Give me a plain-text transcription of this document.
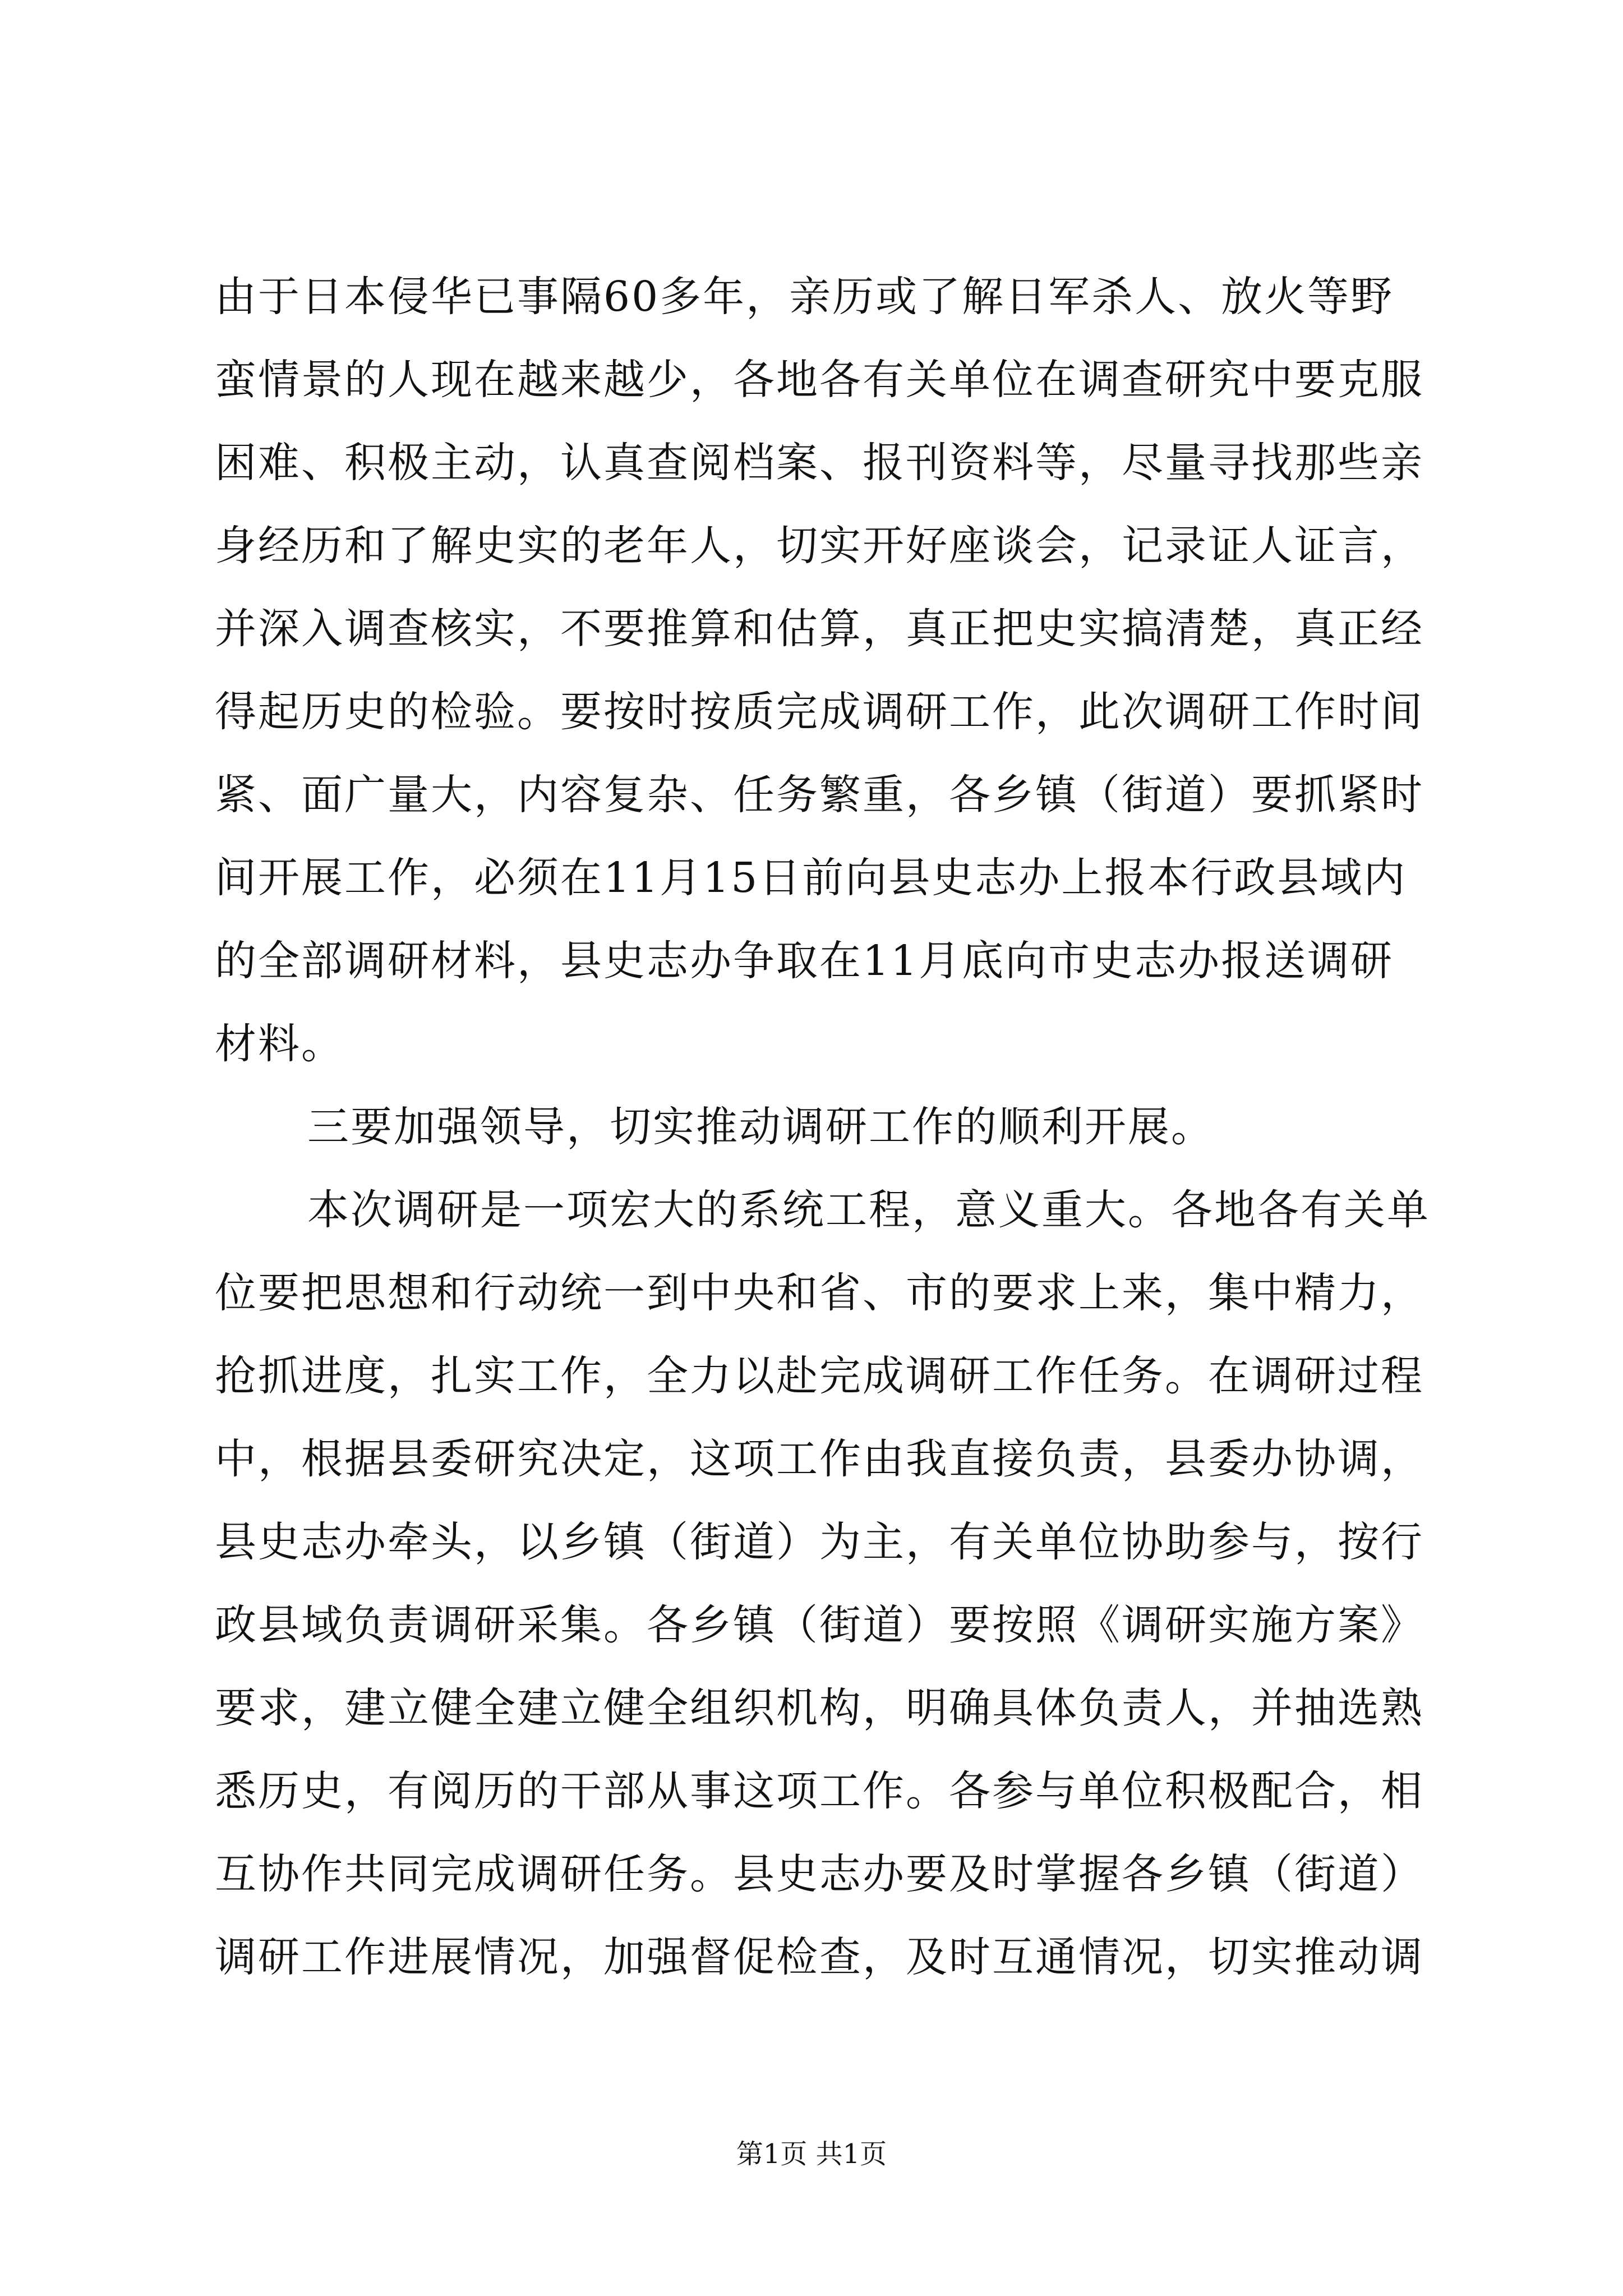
由于日本侵华已事隔60多年，亲历或了解日军杀人、放火等野
蛮情景的人现在越来越少，各地各有关单位在调查研究中要克服
困难、积极主动，认真查阅档案、报刊资料等，尽量寻找那些亲
身经历和了解史实的老年人，切实开好座谈会，记录证人证言，
并深入调查核实，不要推算和估算，真正把史实搞清楚，真正经
得起历史的检验。要按时按质完成调研工作，此次调研工作时间
紧、面广量大，内容复杂、任务繁重，各乡镇（街道）要抓紧时
间开展工作，必须在11月15日前向县史志办上报本行政县域内
的全部调研材料，县史志办争取在11月底向市史志办报送调研
材料。
三要加强领导，切实推动调研工作的顺利开展。
本次调研是一项宏大的系统工程，意义重大。各地各有关单
位要把思想和行动统一到中央和省、市的要求上来，集中精力，
抢抓进度，扎实工作，全力以赴完成调研工作任务。在调研过程
中，根据县委研究决定，这项工作由我直接负责，县委办协调，
县史志办牵头，以乡镇（街道）为主，有关单位协助参与，按行
政县域负责调研采集。各乡镇（街道）要按照《调研实施方案》
要求，建立健全建立健全组织机构，明确具体负责人，并抽选熟
悉历史，有阅历的干部从事这项工作。各参与单位积极配合，相
互协作共同完成调研任务。县史志办要及时掌握各乡镇（街道）
调研工作进展情况，加强督促检查，及时互通情况，切实推动调
第1页 共1页
